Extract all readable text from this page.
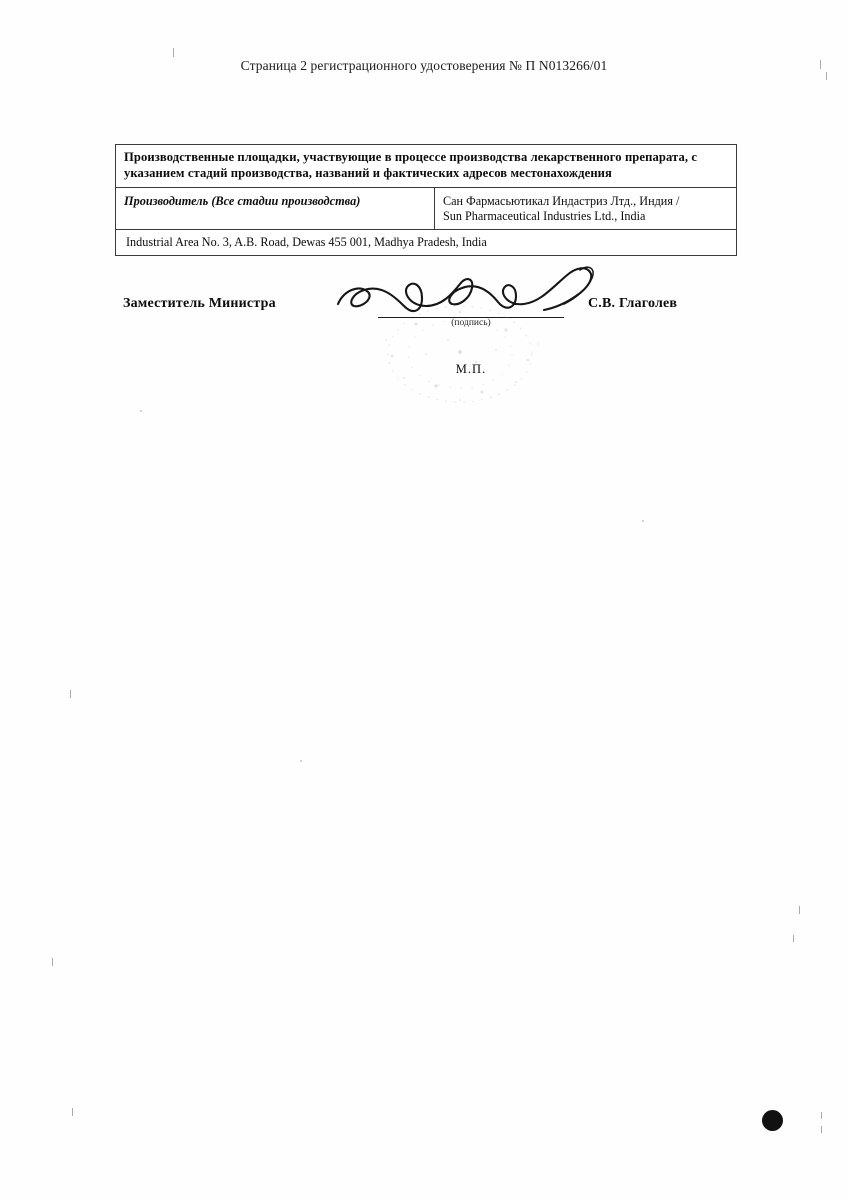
Страница 2 регистрационного удостоверения № П N013266/01
Производственные площадки, участвующие в процессе производства лекарственного препарата, с указанием стадий производства, названий и фактических адресов местонахождения
Производитель (Все стадии производства)	Сан Фармасьютикал Индастриз Лтд., Индия /
Sun Pharmaceutical Industries Ltd., India
Industrial Area No. 3, A.B. Road, Dewas 455 001, Madhya Pradesh, India
Заместитель Министра
(подпись)
С.В. Глаголев
М.П.
